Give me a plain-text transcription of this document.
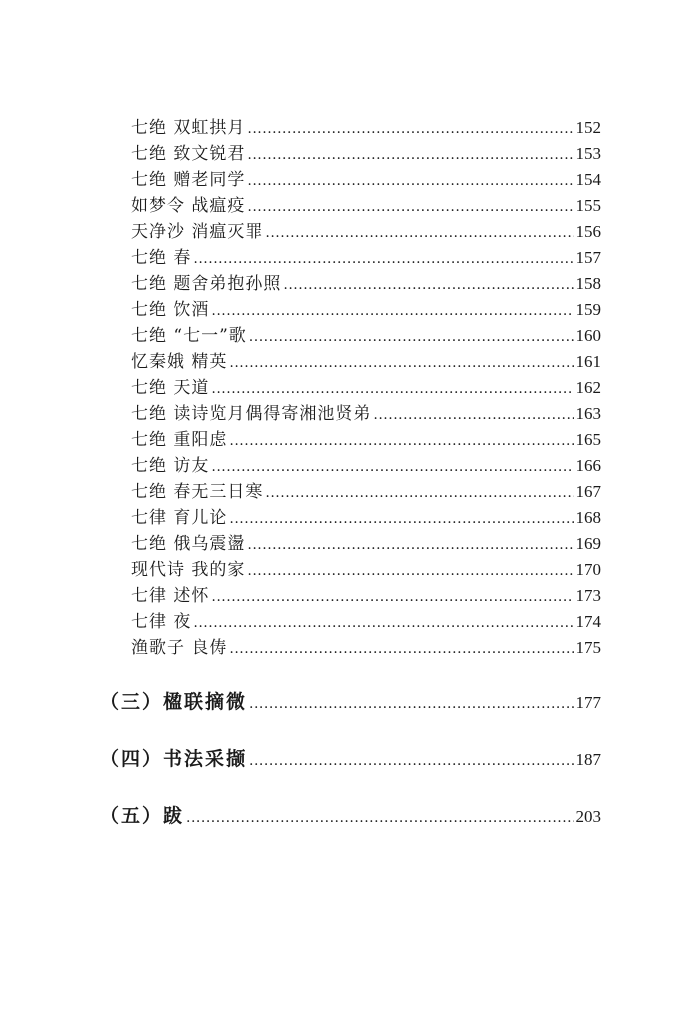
七绝 双虹拱月 .....	152
七绝 致文锐君 .....	153
七绝 赠老同学 .....	154
如梦令 战瘟疫 .....	155
天净沙 消瘟灭罪 .....	156
七绝 春 .....	157
七绝 题舍弟抱孙照 .....	158
七绝 饮酒 .....	159
七绝 “七一”歌 .....	160
忆秦娥 精英 .....	161
七绝 天道 .....	162
七绝 读诗览月偶得寄湘池贤弟 .....	163
七绝 重阳虑 .....	165
七绝 访友 .....	166
七绝 春无三日寒 .....	167
七律 育儿论 .....	168
七绝 俄乌震盪 .....	169
现代诗 我的家 .....	170
七律 述怀 .....	173
七律 夜 .....	174
渔歌子 良俦 .....	175
（三）楹联摘微 .....	177
（四）书法采撷 .....	187
（五）跋 .....	203
